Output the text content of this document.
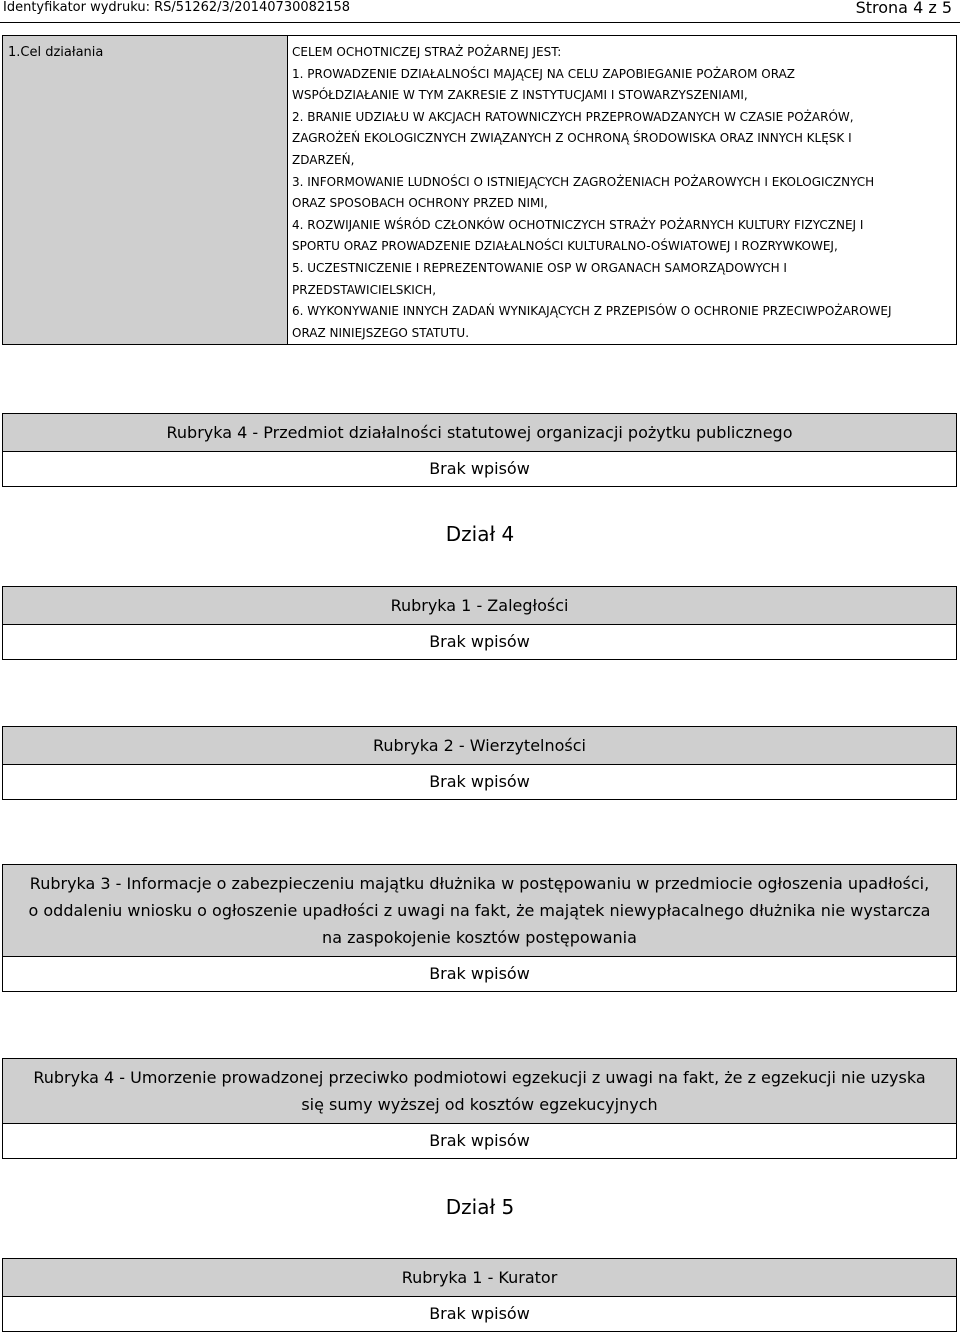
Identyfikator wydruku: RS/51262/3/20140730082158	Strona 4 z 5
1.Cel działania	CELEM OCHOTNICZEJ STRAŻ POŻARNEJ JEST:
1. PROWADZENIE DZIAŁALNOŚCI MAJĄCEJ NA CELU ZAPOBIEGANIE POŻAROM ORAZ
WSPÓŁDZIAŁANIE W TYM ZAKRESIE Z INSTYTUCJAMI I STOWARZYSZENIAMI,
2. BRANIE UDZIAŁU W AKCJACH RATOWNICZYCH PRZEPROWADZANYCH W CZASIE POŻARÓW,
ZAGROŻEŃ EKOLOGICZNYCH ZWIĄZANYCH Z OCHRONĄ ŚRODOWISKA ORAZ INNYCH KLĘSK I
ZDARZEŃ,
3. INFORMOWANIE LUDNOŚCI O ISTNIEJĄCYCH ZAGROŻENIACH POŻAROWYCH I EKOLOGICZNYCH
ORAZ SPOSOBACH OCHRONY PRZED NIMI,
4. ROZWIJANIE WŚRÓD CZŁONKÓW OCHOTNICZYCH STRAŻY POŻARNYCH KULTURY FIZYCZNEJ I
SPORTU ORAZ PROWADZENIE DZIAŁALNOŚCI KULTURALNO-OŚWIATOWEJ I ROZRYWKOWEJ,
5. UCZESTNICZENIE I REPREZENTOWANIE OSP W ORGANACH SAMORZĄDOWYCH I
PRZEDSTAWICIELSKICH,
6. WYKONYWANIE INNYCH ZADAŃ WYNIKAJĄCYCH Z PRZEPISÓW O OCHRONIE PRZECIWPOŻAROWEJ
ORAZ NINIEJSZEGO STATUTU.

Rubryka 4 - Przedmiot działalności statutowej organizacji pożytku publicznego
Brak wpisów
Dział 4
Rubryka 1 - Zaległości
Brak wpisów
Rubryka 2 - Wierzytelności
Brak wpisów
Rubryka 3 - Informacje o zabezpieczeniu majątku dłużnika w postępowaniu w przedmiocie ogłoszenia upadłości, o oddaleniu wniosku o ogłoszenie upadłości z uwagi na fakt, że majątek niewypłacalnego dłużnika nie wystarcza na zaspokojenie kosztów postępowania
Brak wpisów
Rubryka 4 - Umorzenie prowadzonej przeciwko podmiotowi egzekucji z uwagi na fakt, że z egzekucji nie uzyska się sumy wyższej od kosztów egzekucyjnych
Brak wpisów
Dział 5
Rubryka 1 - Kurator
Brak wpisów
